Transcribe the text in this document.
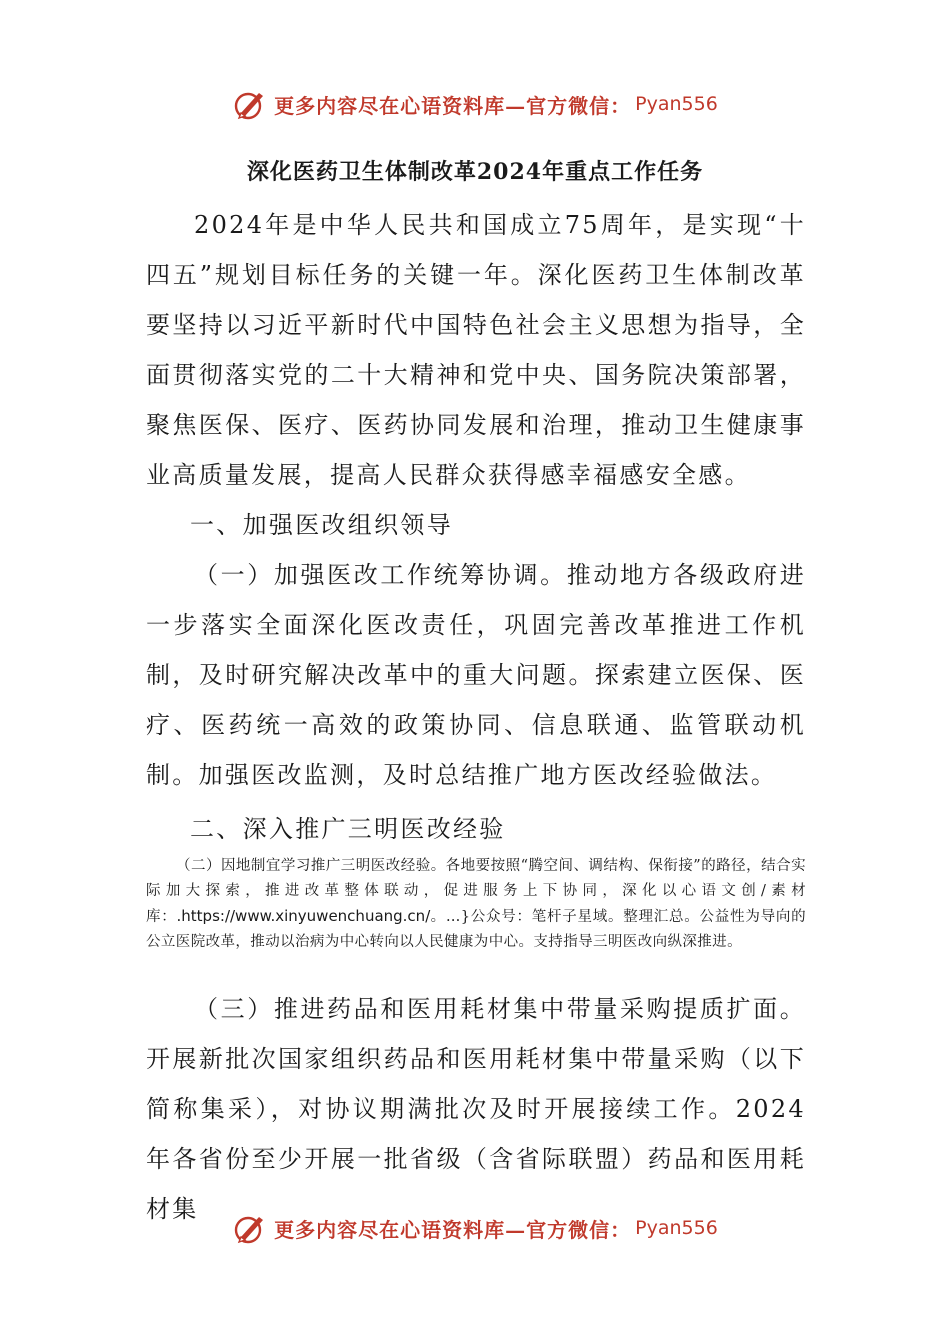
更多内容尽在心语资料库—官方微信： Pyan556
深化医药卫生体制改革2024年重点工作任务

2024年是中华人民共和国成立75周年，是实现“十四五”规划目标任务的关键一年。深化医药卫生体制改革要坚持以习近平新时代中国特色社会主义思想为指导，全面贯彻落实党的二十大精神和党中央、国务院决策部署，聚焦医保、医疗、医药协同发展和治理，推动卫生健康事业高质量发展，提高人民群众获得感幸福感安全感。

一、加强医改组织领导

（一）加强医改工作统筹协调。推动地方各级政府进一步落实全面深化医改责任，巩固完善改革推进工作机制，及时研究解决改革中的重大问题。探索建立医保、医疗、医药统一高效的政策协同、信息联通、监管联动机制。加强医改监测，及时总结推广地方医改经验做法。

二、深入推广三明医改经验

（二）因地制宜学习推广三明医改经验。各地要按照“腾空间、调结构、保衔接”的路径，结合实际加大探索，推进改革整体联动，促进服务上下协同，深化以心语文创/素材库：.https://www.xinyuwenchuang.cn/。…}公众号：笔杆子星域。整理汇总。公益性为导向的公立医院改革，推动以治病为中心转向以人民健康为中心。支持指导三明医改向纵深推进。

（三）推进药品和医用耗材集中带量采购提质扩面。开展新批次国家组织药品和医用耗材集中带量采购（以下简称集采），对协议期满批次及时开展接续工作。2024年各省份至少开展一批省级（含省际联盟）药品和医用耗材集

更多内容尽在心语资料库—官方微信： Pyan556
